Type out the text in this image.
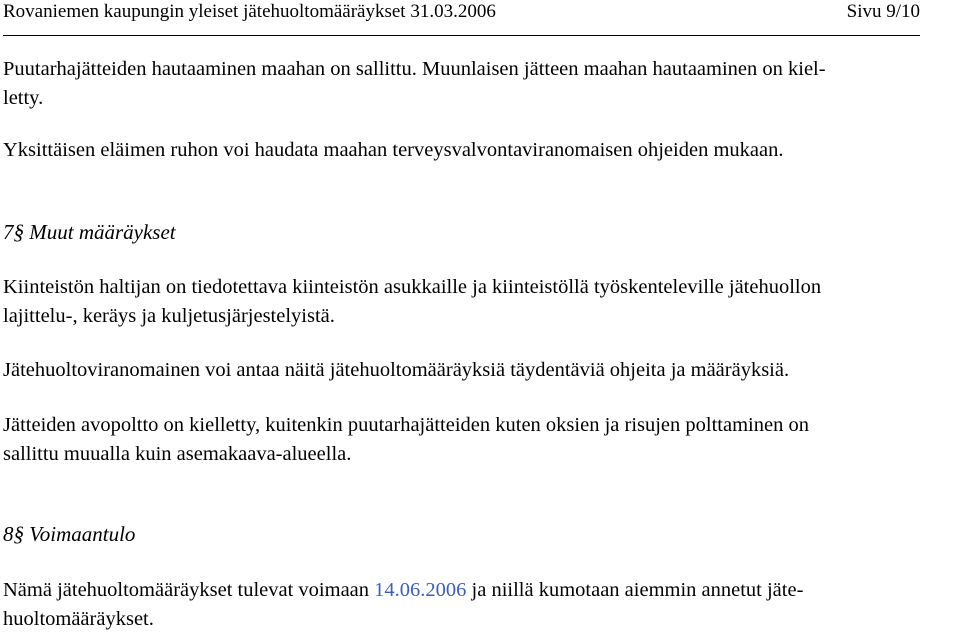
Rovaniemen kaupungin yleiset jätehuoltomääräykset 31.03.2006	Sivu 9/10
Puutarhajätteiden hautaaminen maahan on sallittu. Muunlaisen jätteen maahan hautaaminen on kiel-
letty.
Yksittäisen eläimen ruhon voi haudata maahan terveysvalvontaviranomaisen ohjeiden mukaan.
7§ Muut määräykset
Kiinteistön haltijan on tiedotettava kiinteistön asukkaille ja kiinteistöllä työskenteleville jätehuollon
lajittelu-, keräys ja kuljetusjärjestelyistä.
Jätehuoltoviranomainen voi antaa näitä jätehuoltomääräyksiä täydentäviä ohjeita ja määräyksiä.
Jätteiden avopoltto on kielletty, kuitenkin puutarhajätteiden kuten oksien ja risujen polttaminen on
sallittu muualla kuin asemakaava-alueella.
8§ Voimaantulo
Nämä jätehuoltomääräykset tulevat voimaan 14.06.2006 ja niillä kumotaan aiemmin annetut jäte-
huoltomääräykset.
